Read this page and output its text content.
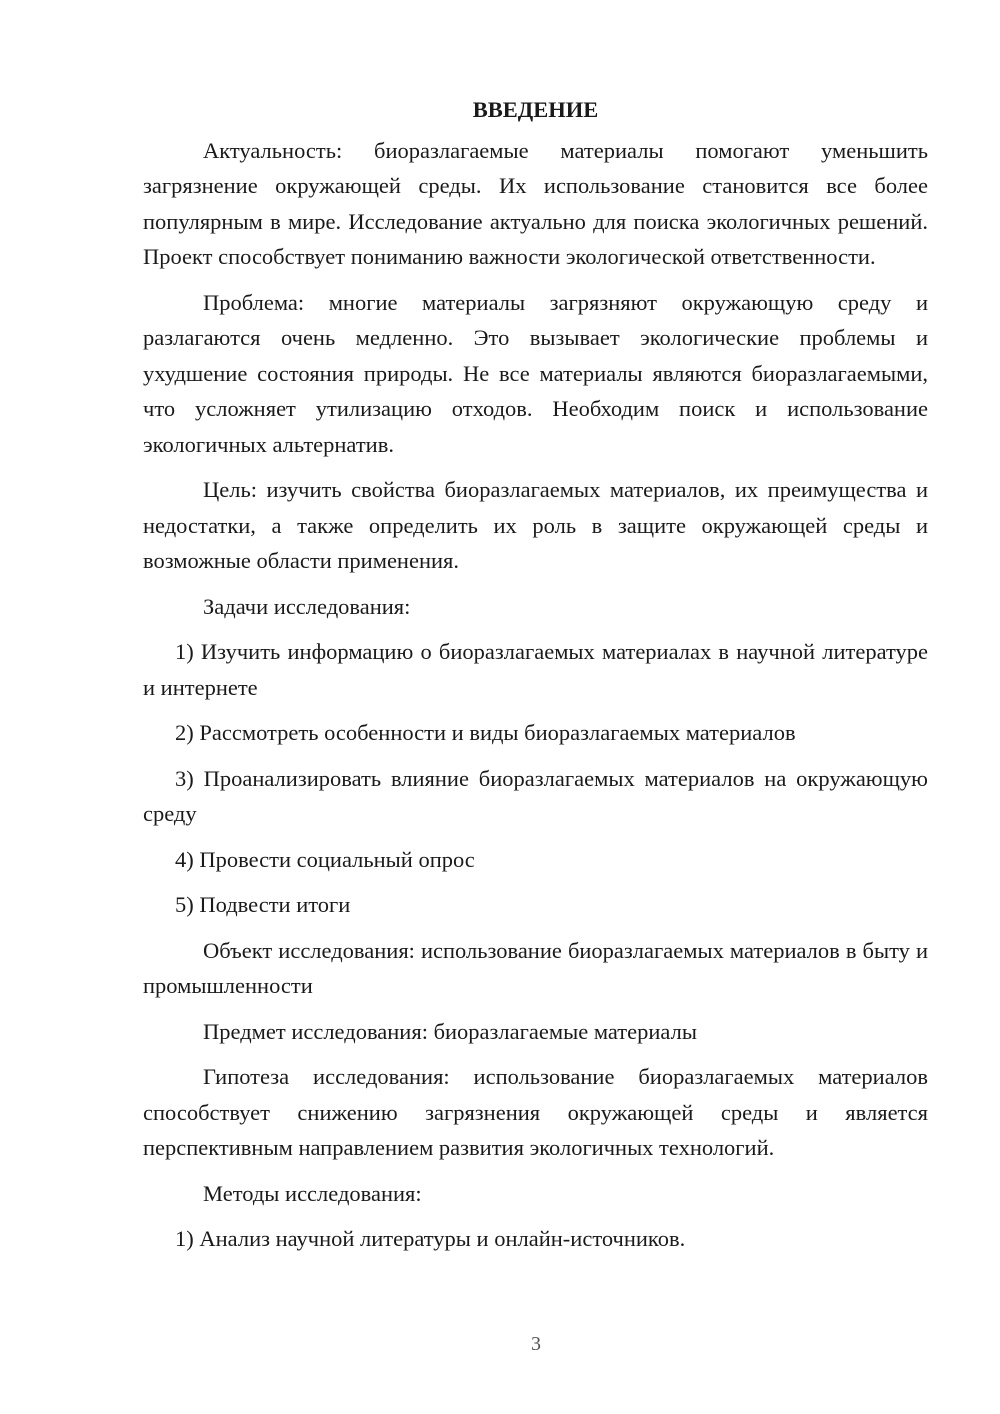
ВВЕДЕНИЕ

Актуальность: биоразлагаемые материалы помогают уменьшить загрязнение окружающей среды. Их использование становится все более популярным в мире. Исследование актуально для поиска экологичных решений. Проект способствует пониманию важности экологической ответственности.

Проблема: многие материалы загрязняют окружающую среду и разлагаются очень медленно. Это вызывает экологические проблемы и ухудшение состояния природы. Не все материалы являются биоразлагаемыми, что усложняет утилизацию отходов. Необходим поиск и использование экологичных альтернатив.

Цель: изучить свойства биоразлагаемых материалов, их преимущества и недостатки, а также определить их роль в защите окружающей среды и возможные области применения.

Задачи исследования:

1) Изучить информацию о биоразлагаемых материалах в научной литературе и интернете

2) Рассмотреть особенности и виды биоразлагаемых материалов

3) Проанализировать влияние биоразлагаемых материалов на окружающую среду

4) Провести социальный опрос

5) Подвести итоги

Объект исследования: использование биоразлагаемых материалов в быту и промышленности

Предмет исследования: биоразлагаемые материалы

Гипотеза исследования: использование биоразлагаемых материалов способствует снижению загрязнения окружающей среды и является перспективным направлением развития экологичных технологий.

Методы исследования:

1) Анализ научной литературы и онлайн-источников.

3
